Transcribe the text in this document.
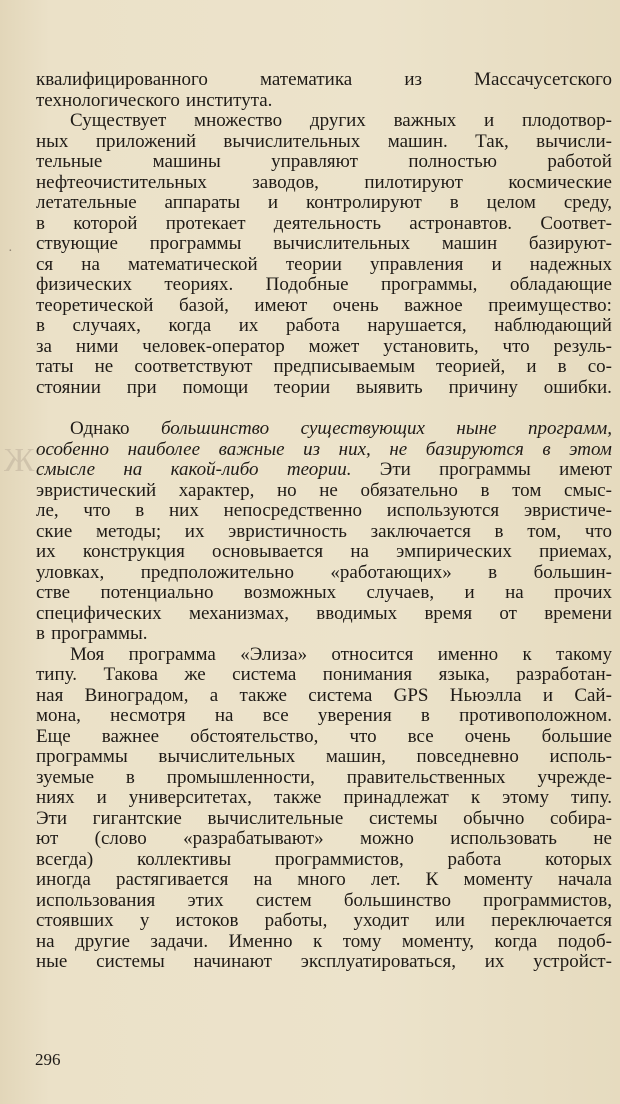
·
Ж
квалифицированного	математика	из	Массачусетского
технологического института.
Существует множество других важных и плодотвор-
ных приложений вычислительных машин. Так, вычисли-
тельные	машины	управляют	полностью	работой
нефтеочистительных заводов, пилотируют космические
летательные аппараты и контролируют в целом среду,
в которой протекает деятельность астронавтов. Соответ-
ствующие программы вычислительных машин базируют-
ся на математической теории управления и надежных
физических теориях. Подобные программы, обладающие
теоретической базой, имеют очень важное преимущество:
в случаях, когда их работа нарушается, наблюдающий
за ними человек-оператор может установить, что резуль-
таты не соответствуют предписываемым теорией, и в со-
стоянии при помощи теории выявить причину ошибки.
Однако большинство существующих ныне программ,
особенно наиболее важные из них, не базируются в этом
смысле на какой-либо теории. Эти программы имеют
эвристический характер, но не обязательно в том смыс-
ле, что в них непосредственно используются эвристиче-
ские методы; их эвристичность заключается в том, что
их конструкция основывается на эмпирических приемах,
уловках, предположительно «работающих» в большин-
стве потенциально возможных случаев, и на прочих
специфических механизмах, вводимых время от времени
в программы.
Моя программа «Элиза» относится именно к такому
типу. Такова же система понимания языка, разработан-
ная Виноградом, а также система GPS Ньюэлла и Сай-
мона, несмотря на все уверения в противоположном.
Еще важнее обстоятельство, что все очень большие
программы вычислительных машин, повседневно исполь-
зуемые в промышленности, правительственных учрежде-
ниях и университетах, также принадлежат к этому типу.
Эти гигантские вычислительные системы обычно собира-
ют (слово «разрабатывают» можно использовать не
всегда) коллективы программистов, работа которых
иногда растягивается на много лет. К моменту начала
использования этих систем большинство программистов,
стоявших у истоков работы, уходит или переключается
на другие задачи. Именно к тому моменту, когда подоб-
ные системы начинают эксплуатироваться, их устройст-
296
